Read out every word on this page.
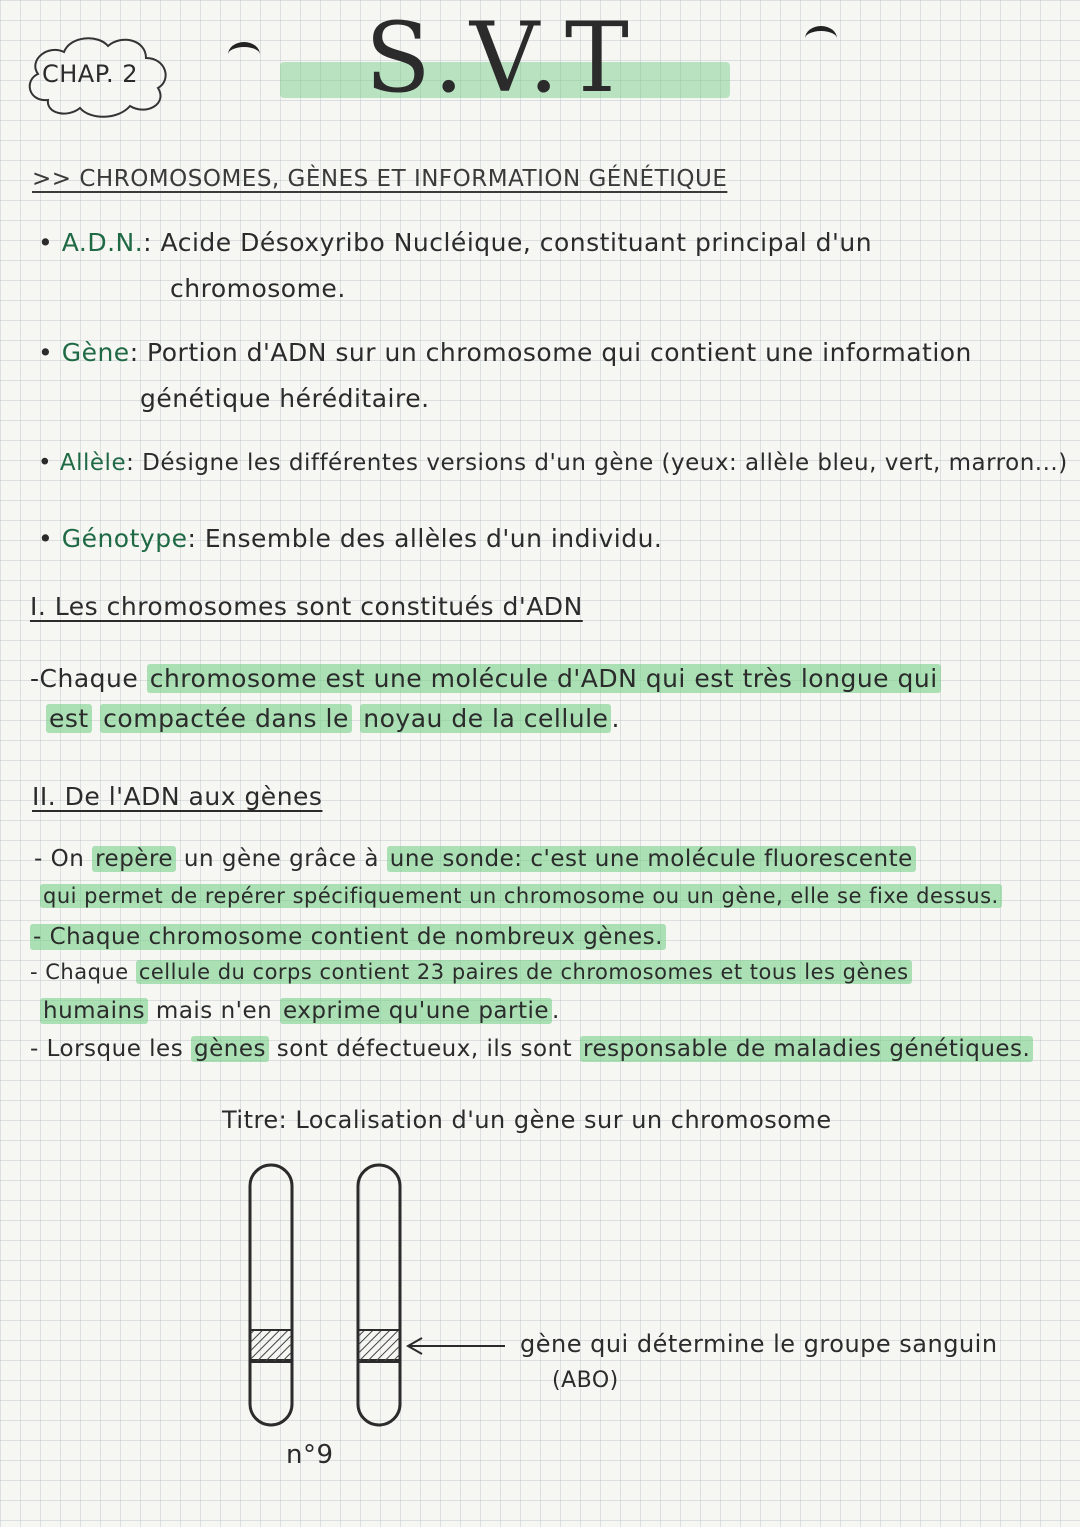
CHAP. 2 S.V.T
>> CHROMOSOMES, GÈNES ET INFORMATION GÉNÉTIQUE
• A.D.N.: Acide Désoxyribo Nucléique, constituant principal d'un
chromosome.
• Gène: Portion d'ADN sur un chromosome qui contient une information
génétique héréditaire.
• Allèle: Désigne les différentes versions d'un gène (yeux: allèle bleu, vert, marron...)
• Génotype: Ensemble des allèles d'un individu.
I. Les chromosomes sont constitués d'ADN
-Chaque chromosome est une molécule d'ADN qui est très longue qui
est compactée dans le noyau de la cellule .
II. De l'ADN aux gènes
- On repère un gène grâce à une sonde: c'est une molécule fluorescente
qui permet de repérer spécifiquement un chromosome ou un gène, elle se fixe dessus.
- Chaque chromosome contient de nombreux gènes.
- Chaque cellule du corps contient 23 paires de chromosomes et tous les gènes
humains mais n'en exprime qu'une partie .
- Lorsque les gènes sont défectueux, ils sont responsable de maladies génétiques.
Titre: Localisation d'un gène sur un chromosome
gène qui détermine le groupe sanguin
(ABO)
n°9
